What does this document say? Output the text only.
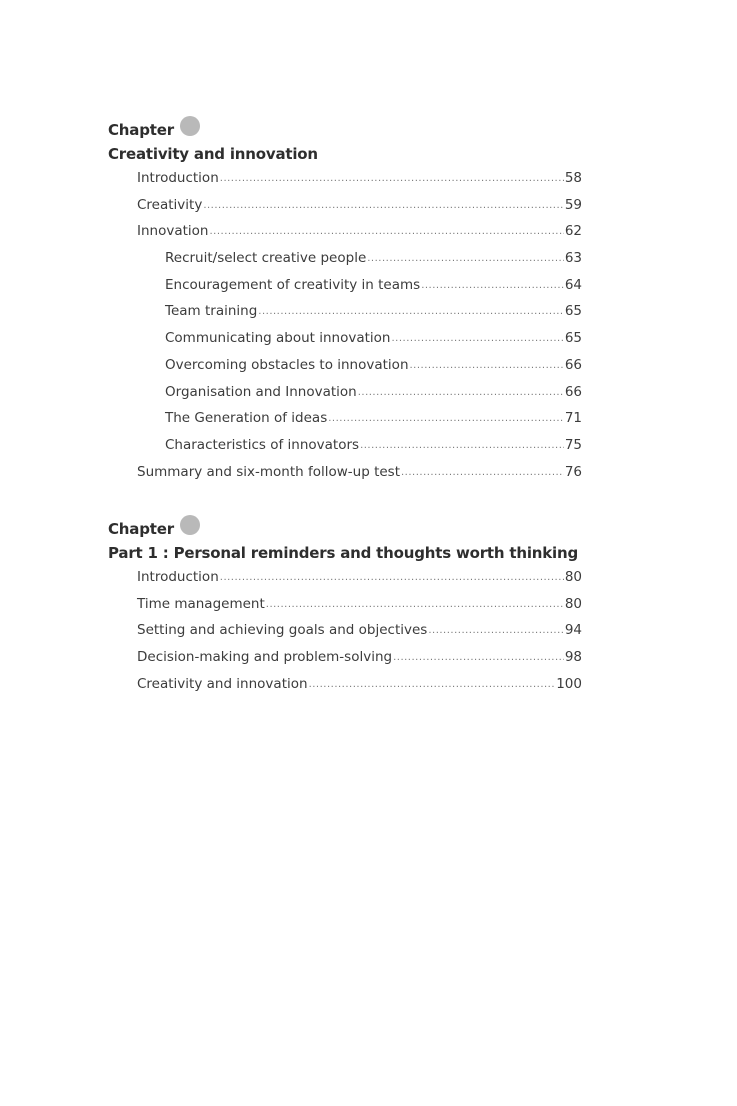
Chapter
Creativity and innovation
Introduction .....	58
Creativity .....	59
Innovation .....	62
Recruit/select creative people .....	63
Encouragement of creativity in teams .....	64
Team training .....	65
Communicating about innovation .....	65
Overcoming obstacles to innovation .....	66
Organisation and Innovation .....	66
The Generation of ideas .....	71
Characteristics of innovators .....	75
Summary and six-month follow-up test .....	76
Chapter
Part 1 : Personal reminders and thoughts worth thinking
Introduction .....	80
Time management .....	80
Setting and achieving goals and objectives .....	94
Decision-making and problem-solving .....	98
Creativity and innovation .....	100
